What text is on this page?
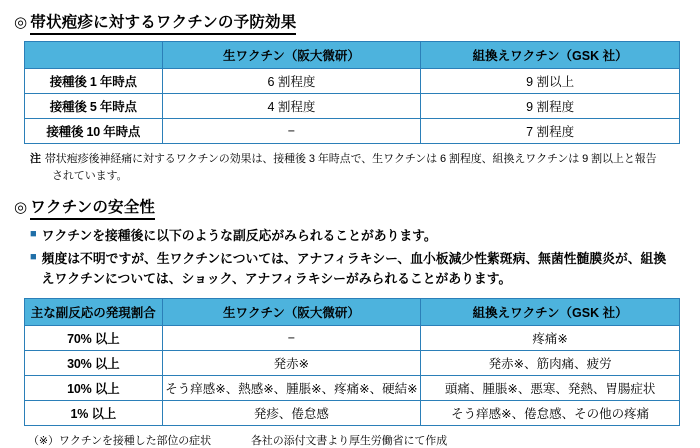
◎ 帯状疱疹に対するワクチンの予防効果
	生ワクチン（阪大微研）	組換えワクチン（GSK 社）
接種後 1 年時点	6 割程度	9 割以上
接種後 5 年時点	4 割程度	9 割程度
接種後 10 年時点	−	7 割程度
注 帯状疱疹後神経痛に対するワクチンの効果は、接種後 3 年時点で、生ワクチンは 6 割程度、組換えワクチンは 9 割以上と報告
されています。
◎ ワクチンの安全性
■ ワクチンを接種後に以下のような副反応がみられることがあります。
■ 頻度は不明ですが、生ワクチンについては、アナフィラキシー、血小板減少性紫斑病、無菌性髄膜炎が、組換えワクチンについては、ショック、アナフィラキシーがみられることがあります。
主な副反応の発現割合	生ワクチン（阪大微研）	組換えワクチン（GSK 社）
70% 以上	−	疼痛※
30% 以上	発赤※	発赤※、筋肉痛、疲労
10% 以上	そう痒感※、熱感※、腫脹※、疼痛※、硬結※	頭痛、腫脹※、悪寒、発熱、胃腸症状
1% 以上	発疹、倦怠感	そう痒感※、倦怠感、その他の疼痛
（※）ワクチンを接種した部位の症状	各社の添付文書より厚生労働省にて作成
